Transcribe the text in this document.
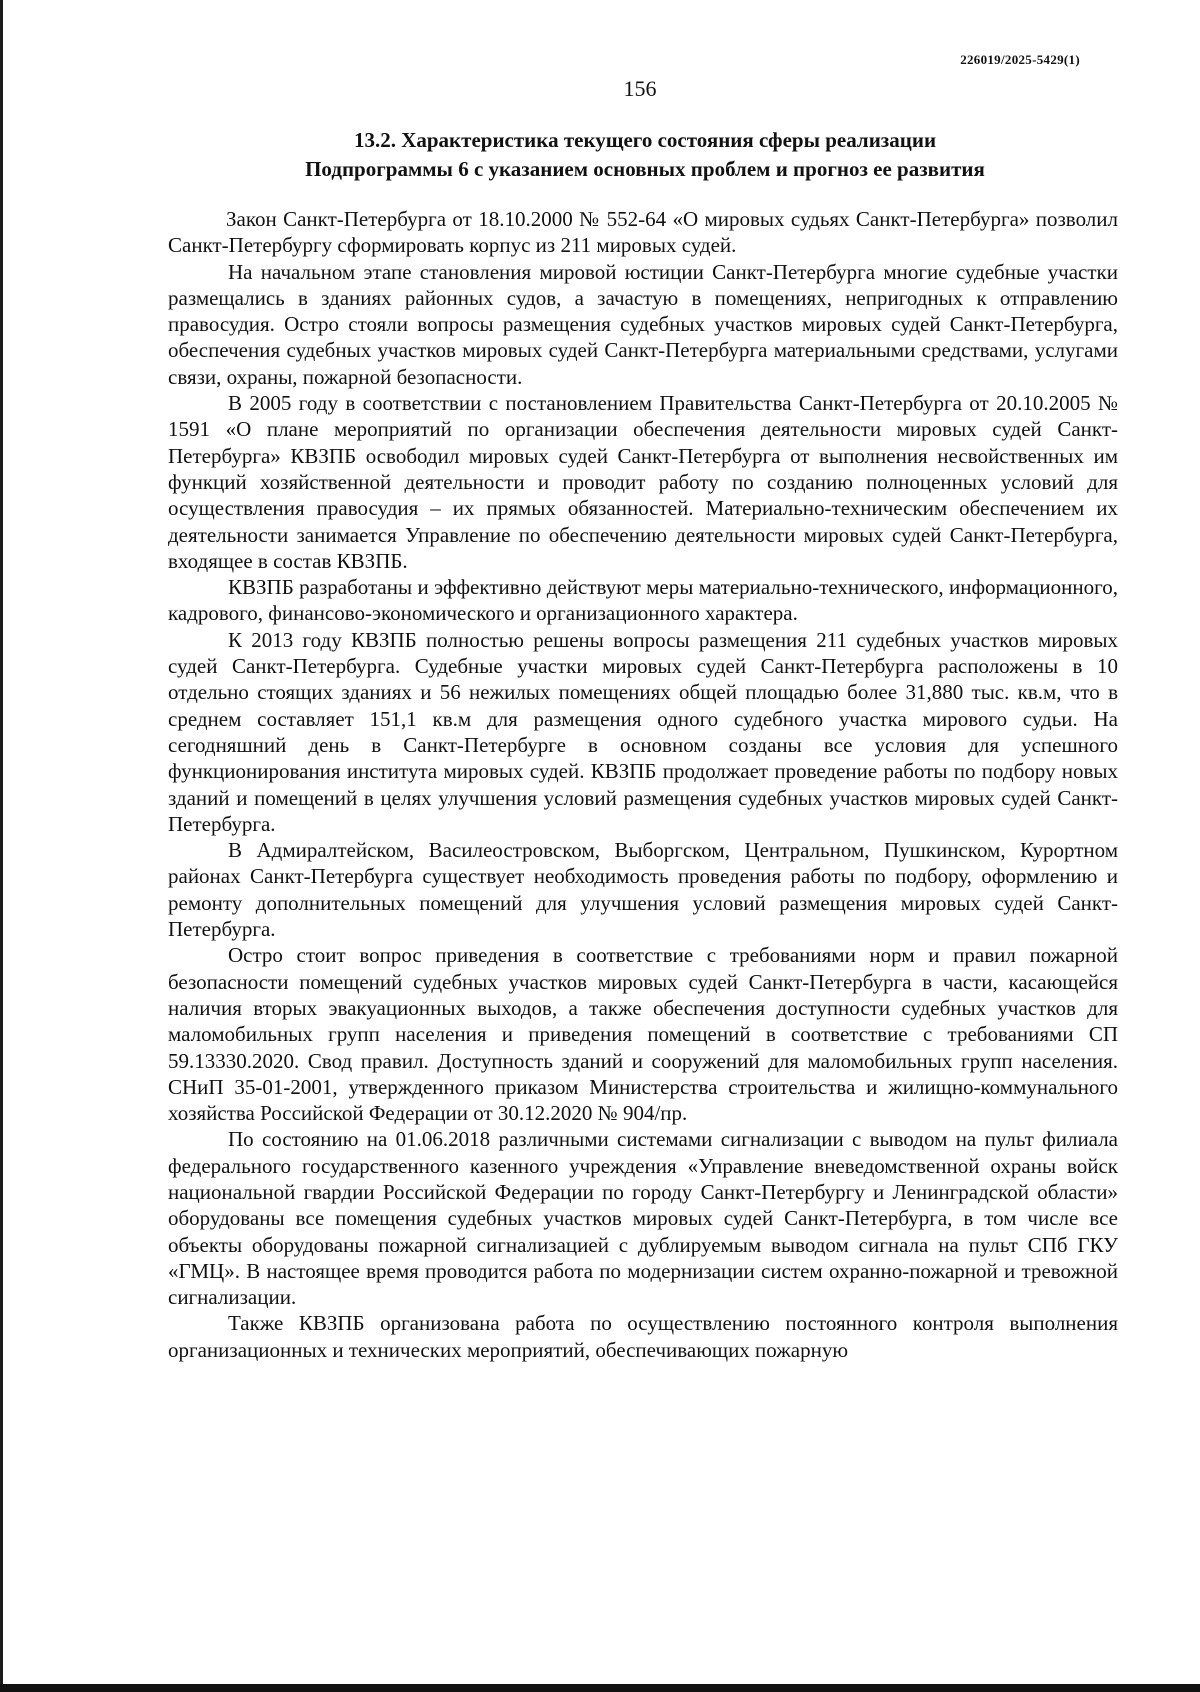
226019/2025-5429(1)
156
13.2. Характеристика текущего состояния сферы реализации
Подпрограммы 6 с указанием основных проблем и прогноз ее развития

Закон Санкт-Петербурга от 18.10.2000 № 552-64 «О мировых судьях Санкт-Петербурга» позволил Санкт-Петербургу сформировать корпус из 211 мировых судей.

На начальном этапе становления мировой юстиции Санкт-Петербурга многие судебные участки размещались в зданиях районных судов, а зачастую в помещениях, непригодных к отправлению правосудия. Остро стояли вопросы размещения судебных участков мировых судей Санкт-Петербурга, обеспечения судебных участков мировых судей Санкт-Петербурга материальными средствами, услугами связи, охраны, пожарной безопасности.

В 2005 году в соответствии с постановлением Правительства Санкт-Петербурга от 20.10.2005 № 1591 «О плане мероприятий по организации обеспечения деятельности мировых судей Санкт-Петербурга» КВЗПБ освободил мировых судей Санкт-Петербурга от выполнения несвойственных им функций хозяйственной деятельности и проводит работу по созданию полноценных условий для осуществления правосудия – их прямых обязанностей. Материально-техническим обеспечением их деятельности занимается Управление по обеспечению деятельности мировых судей Санкт-Петербурга, входящее в состав КВЗПБ.

КВЗПБ разработаны и эффективно действуют меры материально-технического, информационного, кадрового, финансово-экономического и организационного характера.

К 2013 году КВЗПБ полностью решены вопросы размещения 211 судебных участков мировых судей Санкт-Петербурга. Судебные участки мировых судей Санкт-Петербурга расположены в 10 отдельно стоящих зданиях и 56 нежилых помещениях общей площадью более 31,880 тыс. кв.м, что в среднем составляет 151,1 кв.м для размещения одного судебного участка мирового судьи. На сегодняшний день в Санкт-Петербурге в основном созданы все условия для успешного функционирования института мировых судей. КВЗПБ продолжает проведение работы по подбору новых зданий и помещений в целях улучшения условий размещения судебных участков мировых судей Санкт-Петербурга.

В Адмиралтейском, Василеостровском, Выборгском, Центральном, Пушкинском, Курортном районах Санкт-Петербурга существует необходимость проведения работы по подбору, оформлению и ремонту дополнительных помещений для улучшения условий размещения мировых судей Санкт-Петербурга.

Остро стоит вопрос приведения в соответствие с требованиями норм и правил пожарной безопасности помещений судебных участков мировых судей Санкт-Петербурга в части, касающейся наличия вторых эвакуационных выходов, а также обеспечения доступности судебных участков для маломобильных групп населения и приведения помещений в соответствие с требованиями СП 59.13330.2020. Свод правил. Доступность зданий и сооружений для маломобильных групп населения. СНиП 35-01-2001, утвержденного приказом Министерства строительства и жилищно-коммунального хозяйства Российской Федерации от 30.12.2020 № 904/пр.

По состоянию на 01.06.2018 различными системами сигнализации с выводом на пульт филиала федерального государственного казенного учреждения «Управление вневедомственной охраны войск национальной гвардии Российской Федерации по городу Санкт-Петербургу и Ленинградской области» оборудованы все помещения судебных участков мировых судей Санкт-Петербурга, в том числе все объекты оборудованы пожарной сигнализацией с дублируемым выводом сигнала на пульт СПб ГКУ «ГМЦ». В настоящее время проводится работа по модернизации систем охранно-пожарной и тревожной сигнализации.

Также КВЗПБ организована работа по осуществлению постоянного контроля выполнения организационных и технических мероприятий, обеспечивающих пожарную
